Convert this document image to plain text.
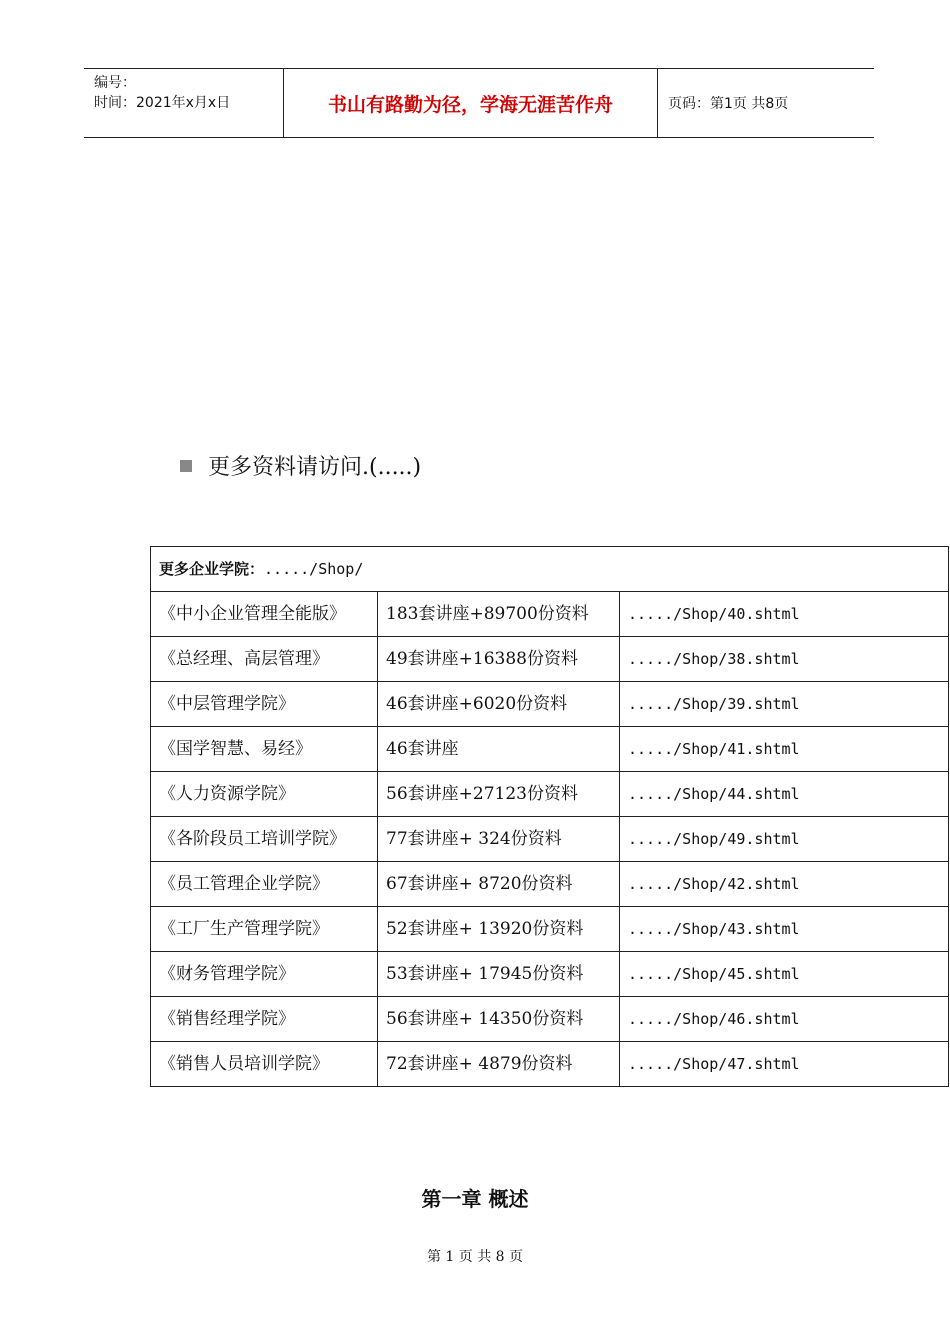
编号：
时间：2021年x月x日	书山有路勤为径，学海无涯苦作舟	页码：第1页 共8页
更多资料请访问.(.....)
更多企业学院：...../Shop/		
《中小企业管理全能版》	183套讲座+89700份资料	...../Shop/40.shtml
《总经理、高层管理》	49套讲座+16388份资料	...../Shop/38.shtml
《中层管理学院》	46套讲座+6020份资料	...../Shop/39.shtml
《国学智慧、易经》	46套讲座	...../Shop/41.shtml
《人力资源学院》	56套讲座+27123份资料	...../Shop/44.shtml
《各阶段员工培训学院》	77套讲座+ 324份资料	...../Shop/49.shtml
《员工管理企业学院》	67套讲座+ 8720份资料	...../Shop/42.shtml
《工厂生产管理学院》	52套讲座+ 13920份资料	...../Shop/43.shtml
《财务管理学院》	53套讲座+ 17945份资料	...../Shop/45.shtml
《销售经理学院》	56套讲座+ 14350份资料	...../Shop/46.shtml
《销售人员培训学院》	72套讲座+ 4879份资料	...../Shop/47.shtml
第一章 概述
第 1 页 共 8 页
